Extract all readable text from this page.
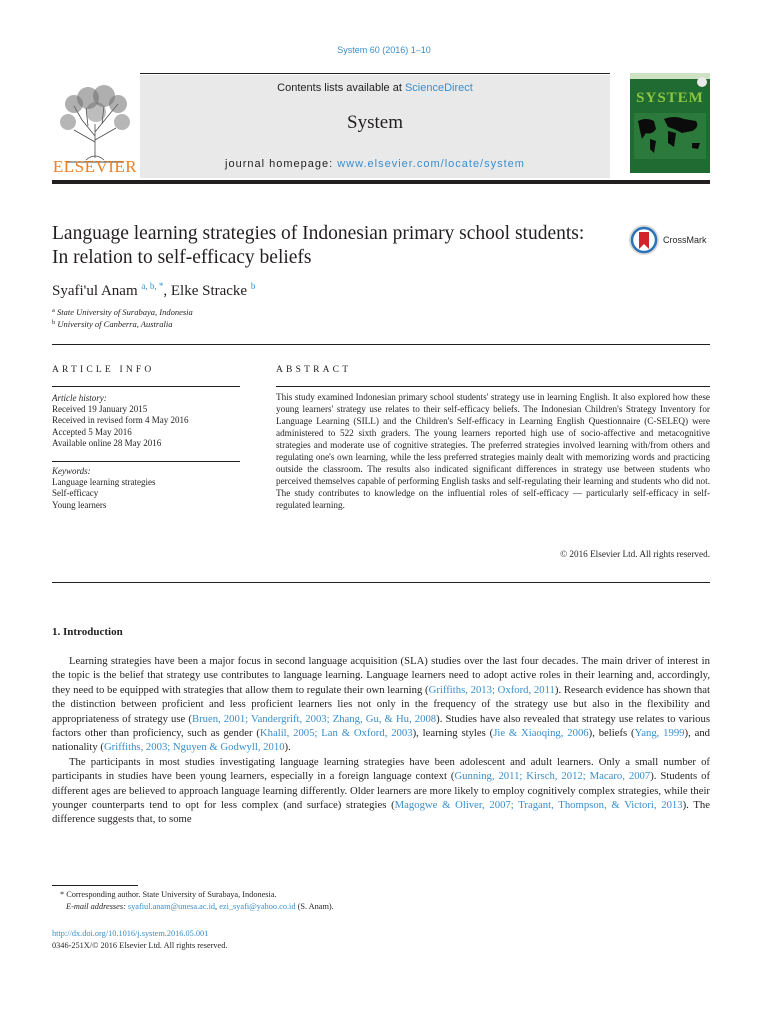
System 60 (2016) 1–10
ELSEVIER
Contents lists available at ScienceDirect
System
journal homepage: www.elsevier.com/locate/system
SYSTEM
Language learning strategies of Indonesian primary school students: In relation to self-efficacy beliefs
CrossMark
Syafi'ul Anam $^{a, b, *}$, Elke Stracke $^b$
$^a$ State University of Surabaya, Indonesia
$^b$ University of Canberra, Australia
ARTICLE INFO	ABSTRACT
Article history:
Received 19 January 2015
Received in revised form 4 May 2016
Accepted 5 May 2016
Available online 28 May 2016
Keywords:
Language learning strategies
Self-efficacy
Young learners
This study examined Indonesian primary school students' strategy use in learning English. It also explored how these young learners' strategy use relates to their self-efficacy beliefs. The Indonesian Children's Strategy Inventory for Language Learning (SILL) and the Children's Self-efficacy in Learning English Questionnaire (C-SELEQ) were administered to 522 sixth graders. The young learners reported high use of socio-affective and metacognitive strategies and moderate use of cognitive strategies. The preferred strategies involved learning with/from others and regulating one's own learning, while the less preferred strategies mainly dealt with memorizing words and practicing outside the classroom. The results also indicated significant differences in strategy use between students who perceived themselves capable of performing English tasks and self-regulating their learning and students who did not. The study contributes to knowledge on the influential roles of self-efficacy — particularly self-efficacy in self-regulated learning.
© 2016 Elsevier Ltd. All rights reserved.
1. Introduction

Learning strategies have been a major focus in second language acquisition (SLA) studies over the last four decades. The main driver of interest in the topic is the belief that strategy use contributes to language learning. Language learners need to adopt active roles in their learning and, accordingly, they need to be equipped with strategies that allow them to regulate their own learning (Griffiths, 2013; Oxford, 2011). Research evidence has shown that the distinction between proficient and less proficient learners lies not only in the frequency of the strategy use but also in the flexibility and appropriateness of strategy use (Bruen, 2001; Vandergrift, 2003; Zhang, Gu, & Hu, 2008). Studies have also revealed that strategy use relates to various factors other than proficiency, such as gender (Khalil, 2005; Lan & Oxford, 2003), learning styles (Jie & Xiaoqing, 2006), beliefs (Yang, 1999), and nationality (Griffiths, 2003; Nguyen & Godwyll, 2010).

The participants in most studies investigating language learning strategies have been adolescent and adult learners. Only a small number of participants in studies have been young learners, especially in a foreign language context (Gunning, 2011; Kirsch, 2012; Macaro, 2007). Students of different ages are believed to approach language learning differently. Older learners are more likely to employ cognitively complex strategies, while their younger counterparts tend to opt for less complex (and surface) strategies (Magogwe & Oliver, 2007; Tragant, Thompson, & Victori, 2013). The difference suggests that, to some

* Corresponding author. State University of Surabaya, Indonesia.
E-mail addresses: syafiul.anam@unesa.ac.id, ezi_syafi@yahoo.co.id (S. Anam).
http://dx.doi.org/10.1016/j.system.2016.05.001
0346-251X/© 2016 Elsevier Ltd. All rights reserved.
